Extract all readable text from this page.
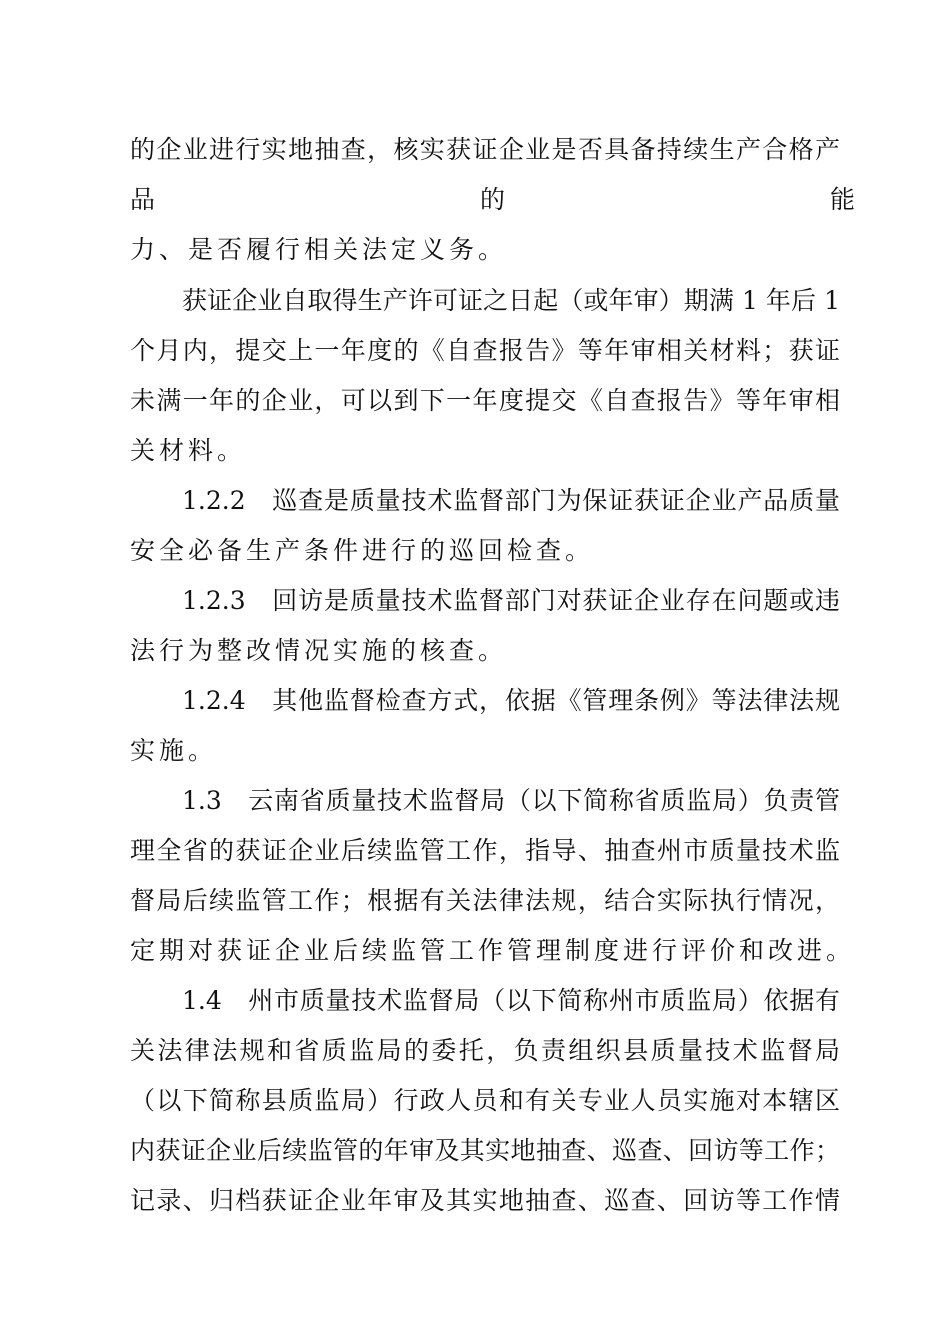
的企业进行实地抽查，核实获证企业是否具备持续生产合格产
品　　　　　　　　　　　　　的　　　　　　　　　　　　　能
力、是否履行相关法定义务。
获证企业自取得生产许可证之日起（或年审）期满 1 年后 1
个月内，提交上一年度的《自查报告》等年审相关材料；获证
未满一年的企业，可以到下一年度提交《自查报告》等年审相
关材料。
1.2.2　巡查是质量技术监督部门为保证获证企业产品质量
安全必备生产条件进行的巡回检查。
1.2.3　回访是质量技术监督部门对获证企业存在问题或违
法行为整改情况实施的核查。
1.2.4　其他监督检查方式，依据《管理条例》等法律法规
实施。
1.3　云南省质量技术监督局（以下简称省质监局）负责管
理全省的获证企业后续监管工作，指导、抽查州市质量技术监
督局后续监管工作；根据有关法律法规，结合实际执行情况，
定期对获证企业后续监管工作管理制度进行评价和改进。
1.4　州市质量技术监督局（以下简称州市质监局）依据有
关法律法规和省质监局的委托，负责组织县质量技术监督局
（以下简称县质监局）行政人员和有关专业人员实施对本辖区
内获证企业后续监管的年审及其实地抽查、巡查、回访等工作；
记录、归档获证企业年审及其实地抽查、巡查、回访等工作情
